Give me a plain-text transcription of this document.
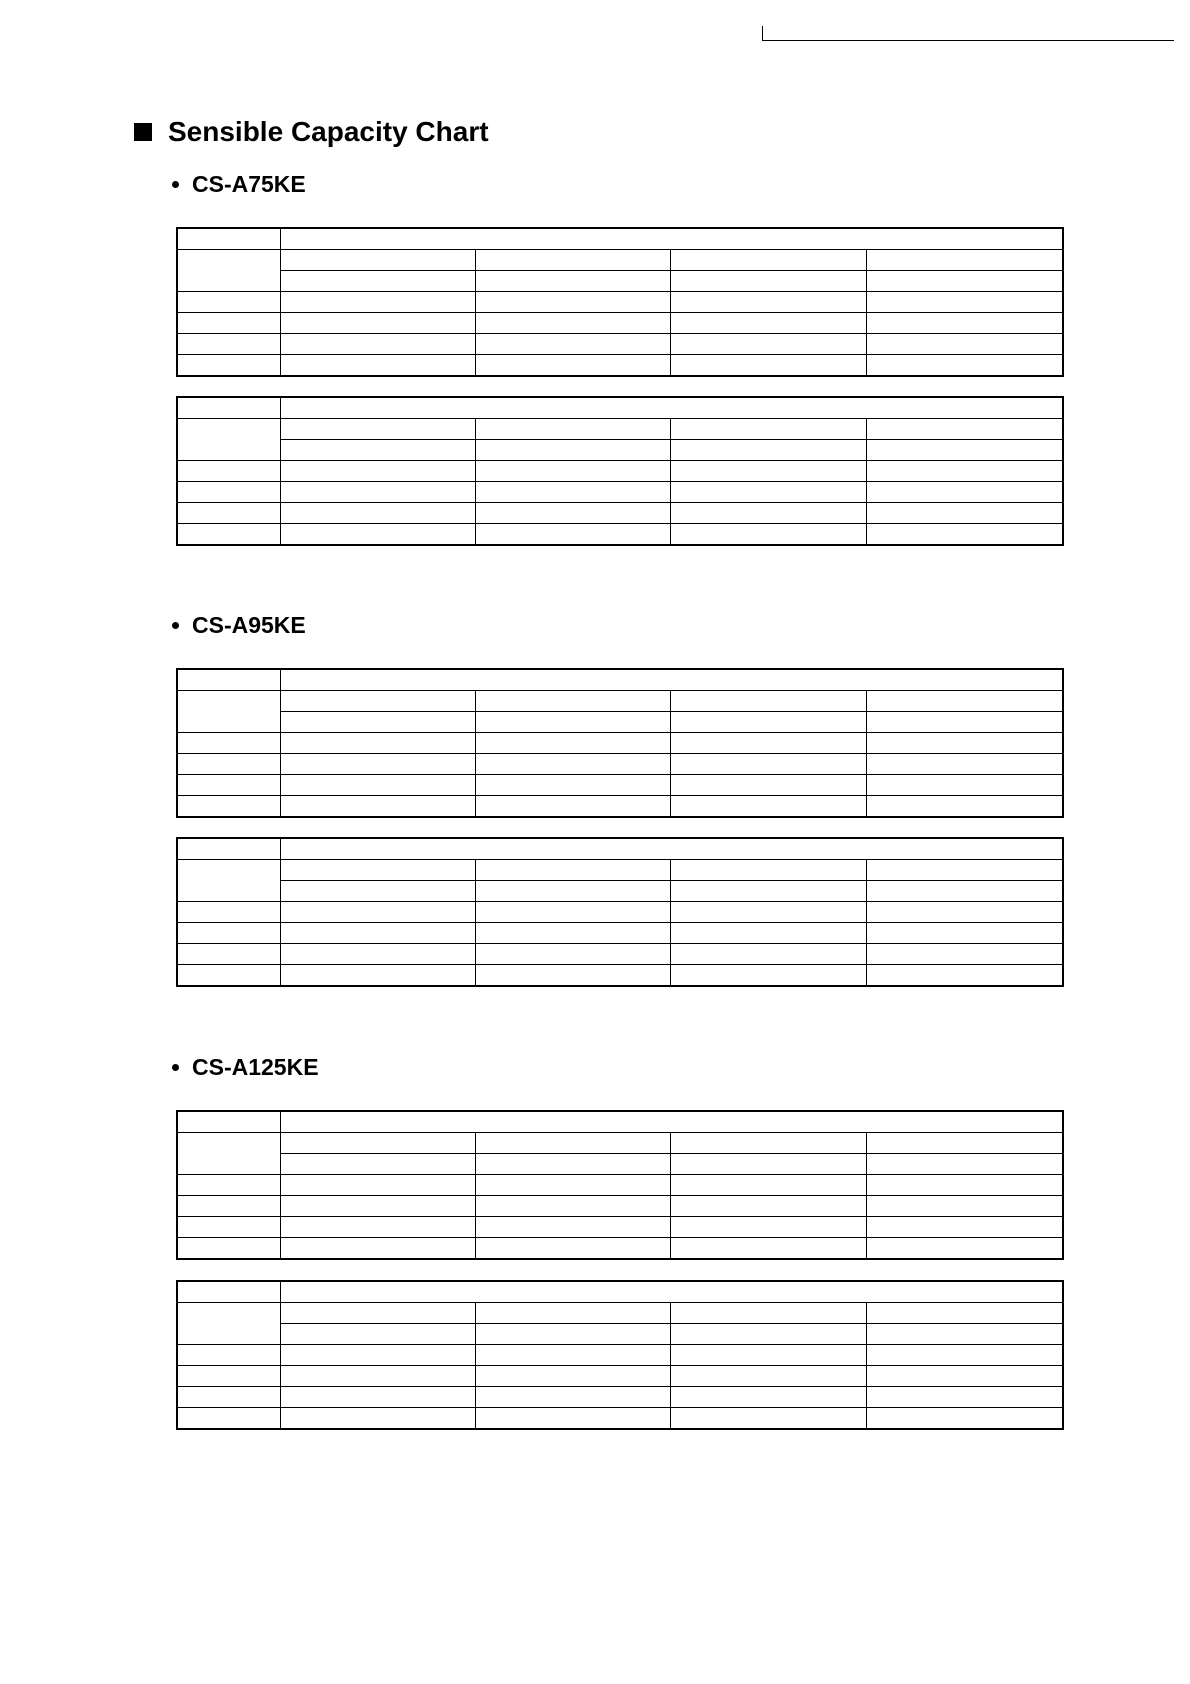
Sensible Capacity Chart
CS-A75KE

CS-A95KE

CS-A125KE
